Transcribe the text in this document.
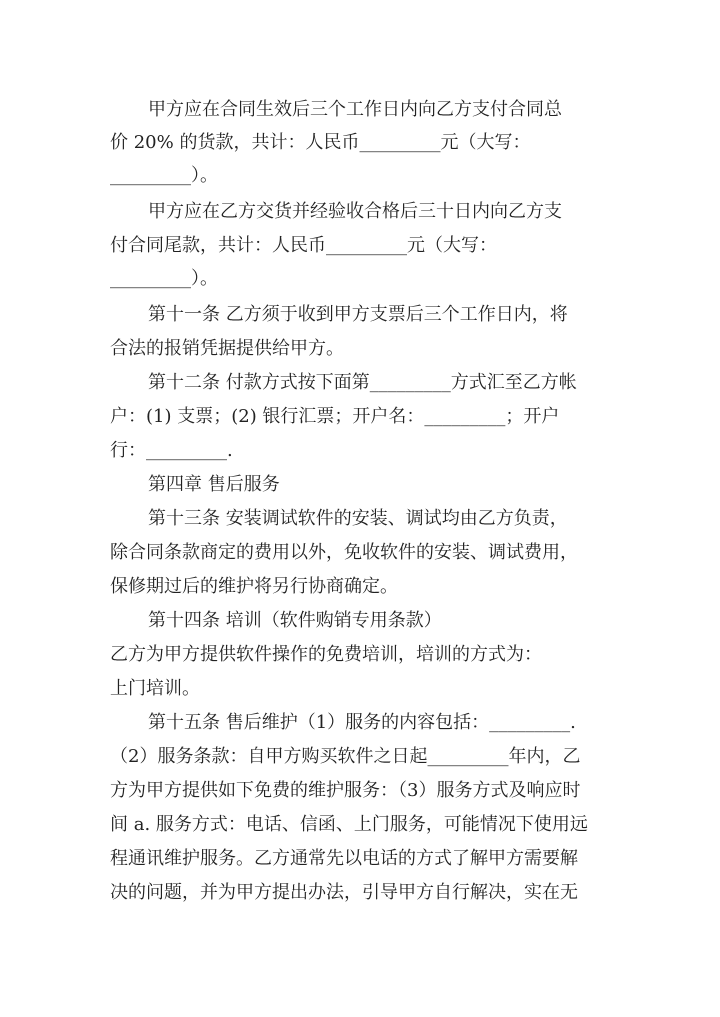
甲方应在合同生效后三个工作日内向乙方支付合同总
价 20% 的货款，共计：人民币_________元（大写：
_________）。
甲方应在乙方交货并经验收合格后三十日内向乙方支
付合同尾款，共计：人民币_________元（大写：
_________）。
第十一条 乙方须于收到甲方支票后三个工作日内，将
合法的报销凭据提供给甲方。
第十二条 付款方式按下面第_________方式汇至乙方帐
户：(1) 支票；(2) 银行汇票；开户名：_________；开户
行：_________.
第四章 售后服务
第十三条 安装调试软件的安装、调试均由乙方负责，
除合同条款商定的费用以外，免收软件的安装、调试费用，
保修期过后的维护将另行协商确定。
第十四条 培训（软件购销专用条款）
乙方为甲方提供软件操作的免费培训，培训的方式为：
上门培训。
第十五条 售后维护（1）服务的内容包括：_________.
（2）服务条款：自甲方购买软件之日起_________年内，乙
方为甲方提供如下免费的维护服务：（3）服务方式及响应时
间 a. 服务方式：电话、信函、上门服务，可能情况下使用远
程通讯维护服务。乙方通常先以电话的方式了解甲方需要解
决的问题，并为甲方提出办法，引导甲方自行解决，实在无
